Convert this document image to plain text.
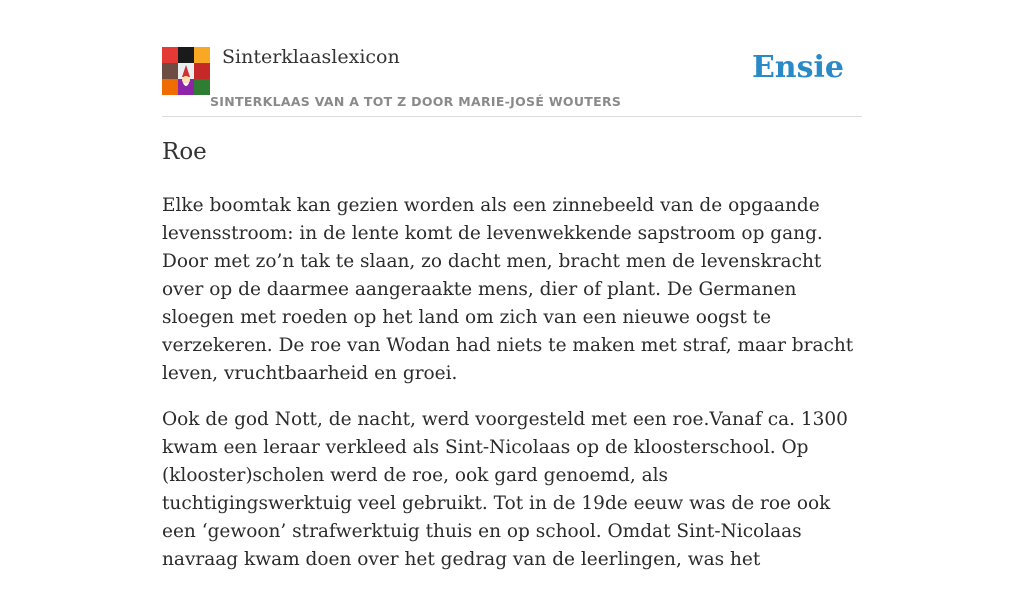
Sinterklaaslexicon
SINTERKLAAS VAN A TOT Z DOOR MARIE-JOSÉ WOUTERS
Ensie
Roe

Elke boomtak kan gezien worden als een zinnebeeld van de opgaande levensstroom: in de lente komt de levenwekkende sapstroom op gang. Door met zo’n tak te slaan, zo dacht men, bracht men de levenskracht over op de daarmee aangeraakte mens, dier of plant. De Germanen sloegen met roeden op het land om zich van een nieuwe oogst te verzekeren. De roe van Wodan had niets te maken met straf, maar bracht leven, vruchtbaarheid en groei.

Ook de god Nott, de nacht, werd voorgesteld met een roe.Vanaf ca. 1300 kwam een leraar verkleed als Sint-Nicolaas op de kloosterschool. Op (klooster)scholen werd de roe, ook gard genoemd, als tuchtigingswerktuig veel gebruikt. Tot in de 19de eeuw was de roe ook een ‘gewoon’ strafwerktuig thuis en op school. Omdat Sint-Nicolaas navraag kwam doen over het gedrag van de leerlingen, was het
